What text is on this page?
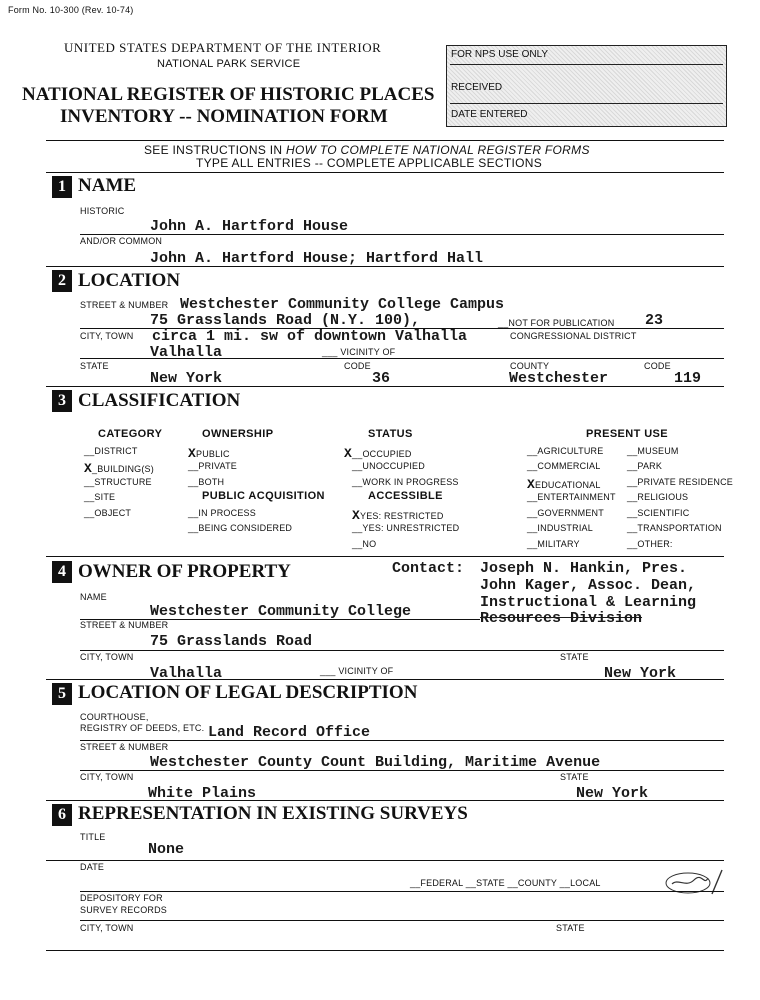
Form No. 10-300 (Rev. 10-74)
UNITED STATES DEPARTMENT OF THE INTERIOR
NATIONAL PARK SERVICE
NATIONAL REGISTER OF HISTORIC PLACES
INVENTORY -- NOMINATION FORM
FOR NPS USE ONLY
RECEIVED
DATE ENTERED
SEE INSTRUCTIONS IN HOW TO COMPLETE NATIONAL REGISTER FORMS
TYPE ALL ENTRIES -- COMPLETE APPLICABLE SECTIONS
1 NAME
HISTORIC
John A. Hartford House
AND/OR COMMON
John A. Hartford House; Hartford Hall
2 LOCATION
STREET & NUMBER Westchester Community College Campus
75 Grasslands Road (N.Y. 100),	__NOT FOR PUBLICATION 23
CITY, TOWN circa 1 mi. sw of downtown Valhalla	CONGRESSIONAL DISTRICT
Valhalla	___ VICINITY OF
STATE	CODE	COUNTY	CODE
New York	36	Westchester	119
3 CLASSIFICATION
CATEGORY	OWNERSHIP	STATUS	PRESENT USE
__DISTRICT
X_BUILDING(S)
__STRUCTURE
__SITE
__OBJECT
XPUBLIC
__PRIVATE
__BOTH
PUBLIC ACQUISITION
__IN PROCESS
__BEING CONSIDERED
X__OCCUPIED
__UNOCCUPIED
__WORK IN PROGRESS
ACCESSIBLE
XYES: RESTRICTED
__YES: UNRESTRICTED
__NO
__AGRICULTURE
__COMMERCIAL
XEDUCATIONAL
__ENTERTAINMENT
__GOVERNMENT
__INDUSTRIAL
__MILITARY
__MUSEUM
__PARK
__PRIVATE RESIDENCE
__RELIGIOUS
__SCIENTIFIC
__TRANSPORTATION
__OTHER:
4 OWNER OF PROPERTY	Contact: Joseph N. Hankin, Pres.
John Kager, Assoc. Dean,
Instructional & Learning
Resources Division
NAME
Westchester Community College
STREET & NUMBER
75 Grasslands Road
CITY, TOWN	STATE
Valhalla	___ VICINITY OF	New York
5 LOCATION OF LEGAL DESCRIPTION
COURTHOUSE,
REGISTRY OF DEEDS, ETC. Land Record Office
STREET & NUMBER
Westchester County Count Building, Maritime Avenue
CITY, TOWN	STATE
White Plains	New York
6 REPRESENTATION IN EXISTING SURVEYS
TITLE
None
DATE
__FEDERAL __STATE __COUNTY __LOCAL
DEPOSITORY FOR
SURVEY RECORDS
CITY, TOWN	STATE
